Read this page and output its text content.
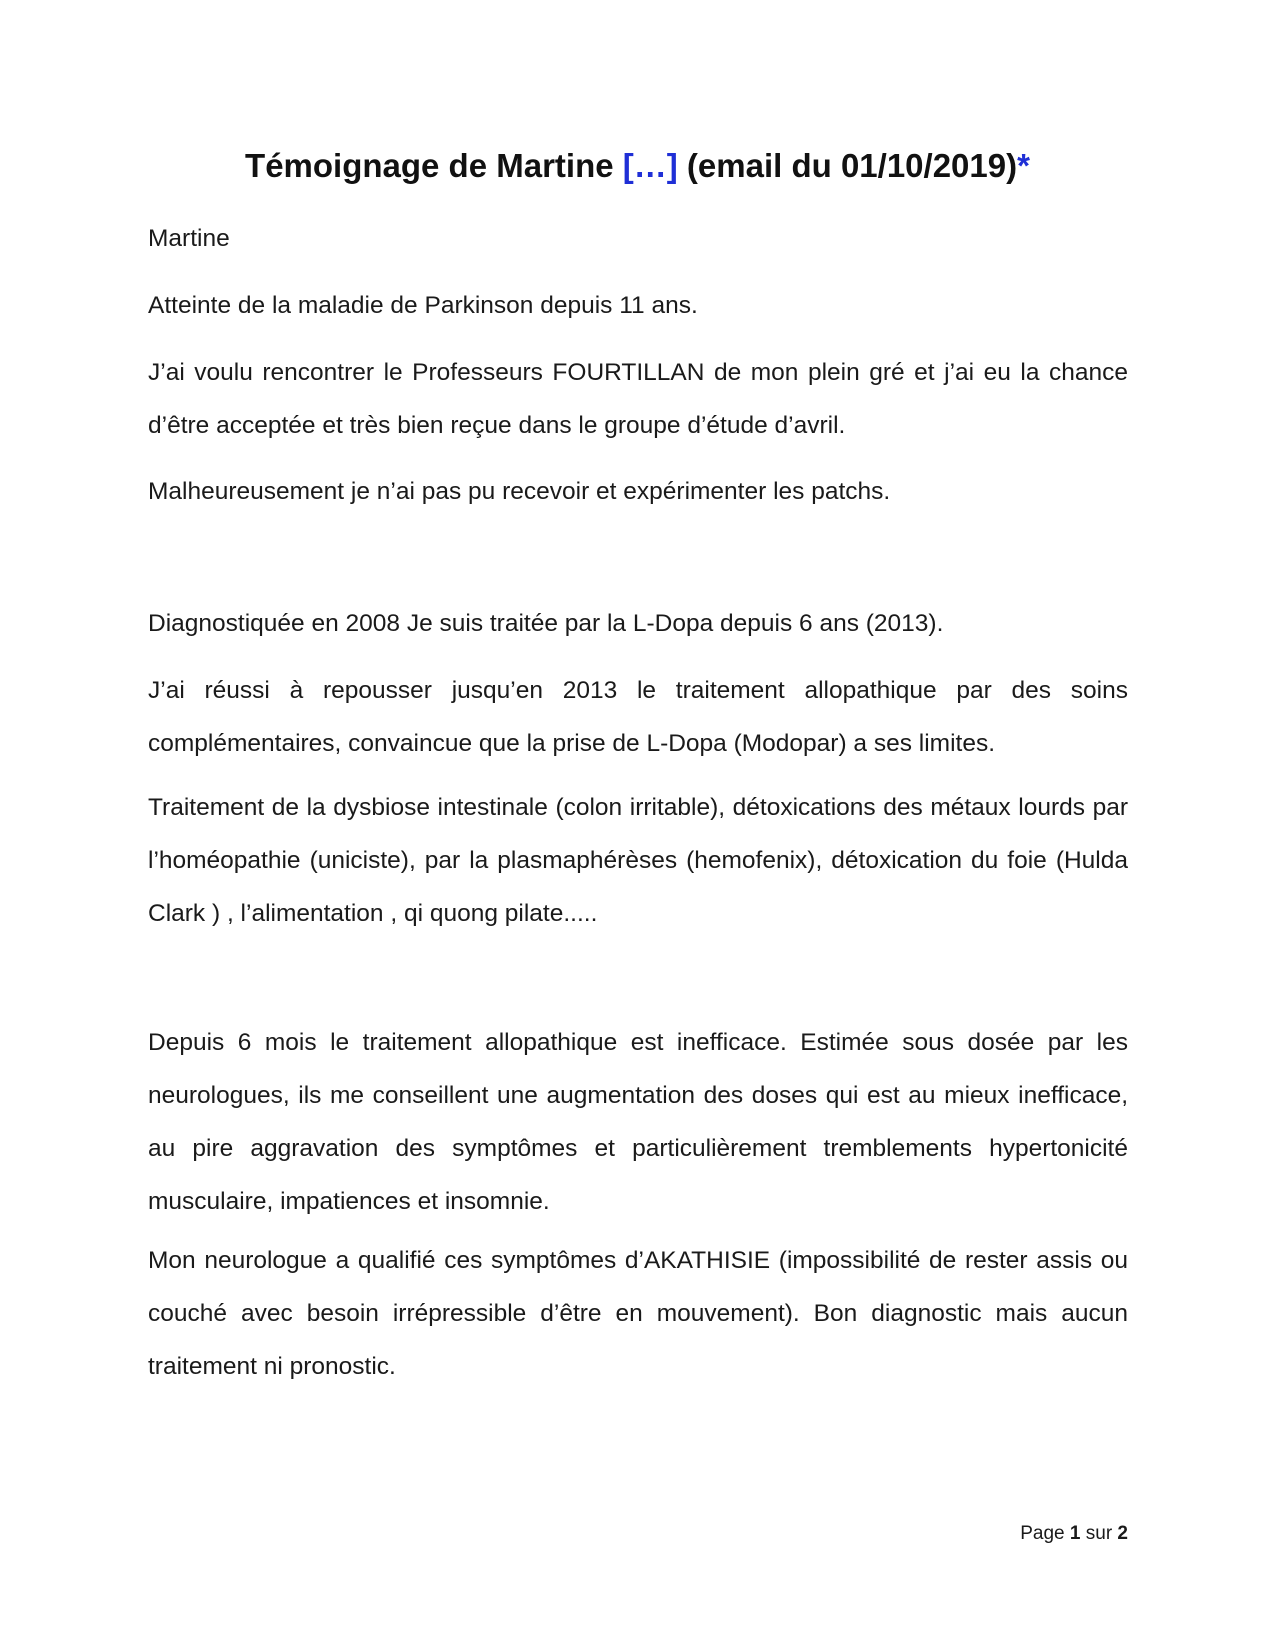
Témoignage de Martine […] (email du 01/10/2019)*

Martine

Atteinte de la maladie de Parkinson depuis 11 ans.

J’ai voulu rencontrer le Professeurs FOURTILLAN de mon plein gré et j’ai eu la chance d’être acceptée et très bien reçue dans le groupe d’étude d’avril.

Malheureusement je n’ai pas pu recevoir et expérimenter les patchs.

Diagnostiquée en 2008 Je suis traitée par la L-Dopa depuis 6 ans (2013).

J’ai réussi à repousser jusqu’en 2013 le traitement allopathique par des soins complémentaires, convaincue que la prise de L-Dopa (Modopar) a ses limites.

Traitement de la dysbiose intestinale (colon irritable), détoxications des métaux lourds par l’homéopathie (uniciste), par la plasmaphérèses (hemofenix), détoxication du foie (Hulda Clark ) , l’alimentation , qi quong pilate.....

Depuis 6 mois le traitement allopathique est inefficace. Estimée sous dosée par les neurologues, ils me conseillent une augmentation des doses qui est au mieux inefficace, au pire aggravation des symptômes et particulièrement tremblements hypertonicité musculaire, impatiences et insomnie.

Mon neurologue a qualifié ces symptômes d’AKATHISIE (impossibilité de rester assis ou couché avec besoin irrépressible d’être en mouvement). Bon diagnostic mais aucun traitement ni pronostic.

Page 1 sur 2
